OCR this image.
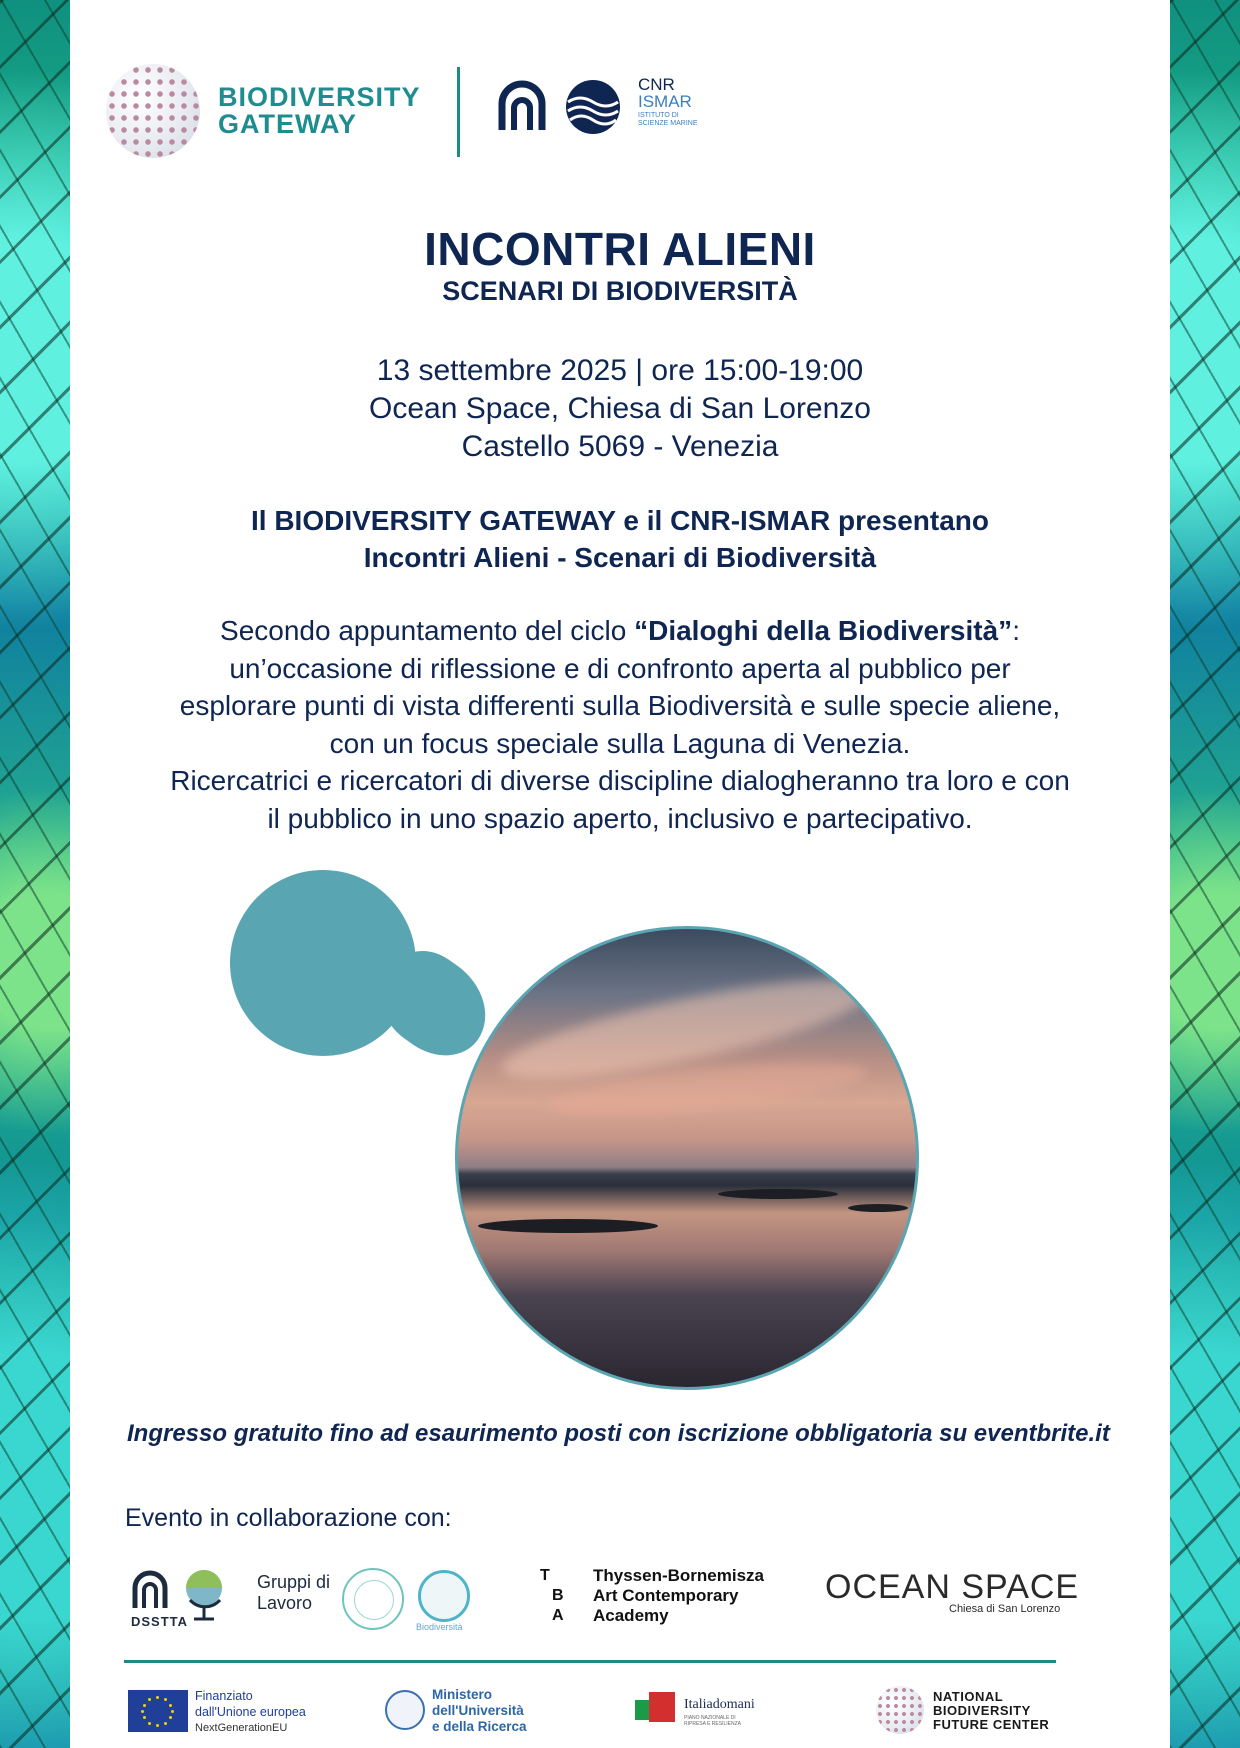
BIODIVERSITY
GATEWAY
CNR
ISMAR
ISTITUTO DI SCIENZE MARINE
INCONTRI ALIENI
SCENARI DI BIODIVERSITÀ
13 settembre 2025 | ore 15:00-19:00
Ocean Space, Chiesa di San Lorenzo
Castello 5069 - Venezia
Il BIODIVERSITY GATEWAY e il CNR-ISMAR presentano
Incontri Alieni - Scenari di Biodiversità
Secondo appuntamento del ciclo “Dialoghi della Biodiversità”:
un’occasione di riflessione e di confronto aperta al pubblico per
esplorare punti di vista differenti sulla Biodiversità e sulle specie aliene,
con un focus speciale sulla Laguna di Venezia.
Ricercatrici e ricercatori di diverse discipline dialogheranno tra loro e con
il pubblico in uno spazio aperto, inclusivo e partecipativo.
Ingresso gratuito fino ad esaurimento posti con iscrizione obbligatoria su eventbrite.it
Evento in collaborazione con:
DSSTTA
Gruppi di
Lavoro
Biodiversità
T
B
A
Thyssen-Bornemisza
Art Contemporary
Academy
OCEAN SPACE
Chiesa di San Lorenzo
Finanziato
dall'Unione europea
NextGenerationEU
Ministero
dell'Università
e della Ricerca
Italiadomani
PIANO NAZIONALE DI RIPRESA E RESILIENZA
NATIONAL
BIODIVERSITY
FUTURE CENTER
